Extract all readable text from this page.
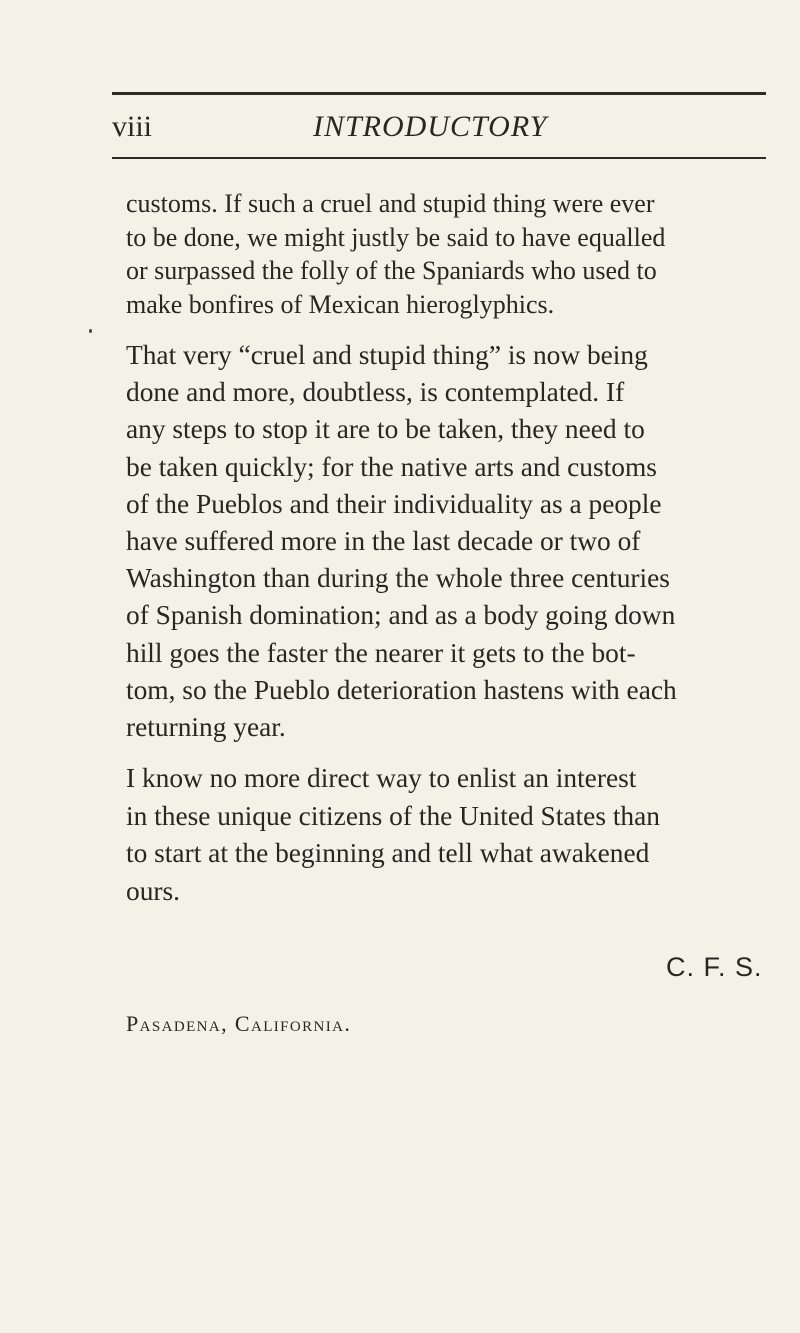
viii	INTRODUCTORY

customs. If such a cruel and stupid thing were ever
to be done, we might justly be said to have equalled
or surpassed the folly of the Spaniards who used to
make bonfires of Mexican hieroglyphics.

That very “cruel and stupid thing” is now being
done and more, doubtless, is contemplated. If
any steps to stop it are to be taken, they need to
be taken quickly; for the native arts and customs
of the Pueblos and their individuality as a people
have suffered more in the last decade or two of
Washington than during the whole three centuries
of Spanish domination; and as a body going down
hill goes the faster the nearer it gets to the bot-
tom, so the Pueblo deterioration hastens with each
returning year.

I know no more direct way to enlist an interest
in these unique citizens of the United States than
to start at the beginning and tell what awakened
ours.

C. F. S.
Pasadena, California.
